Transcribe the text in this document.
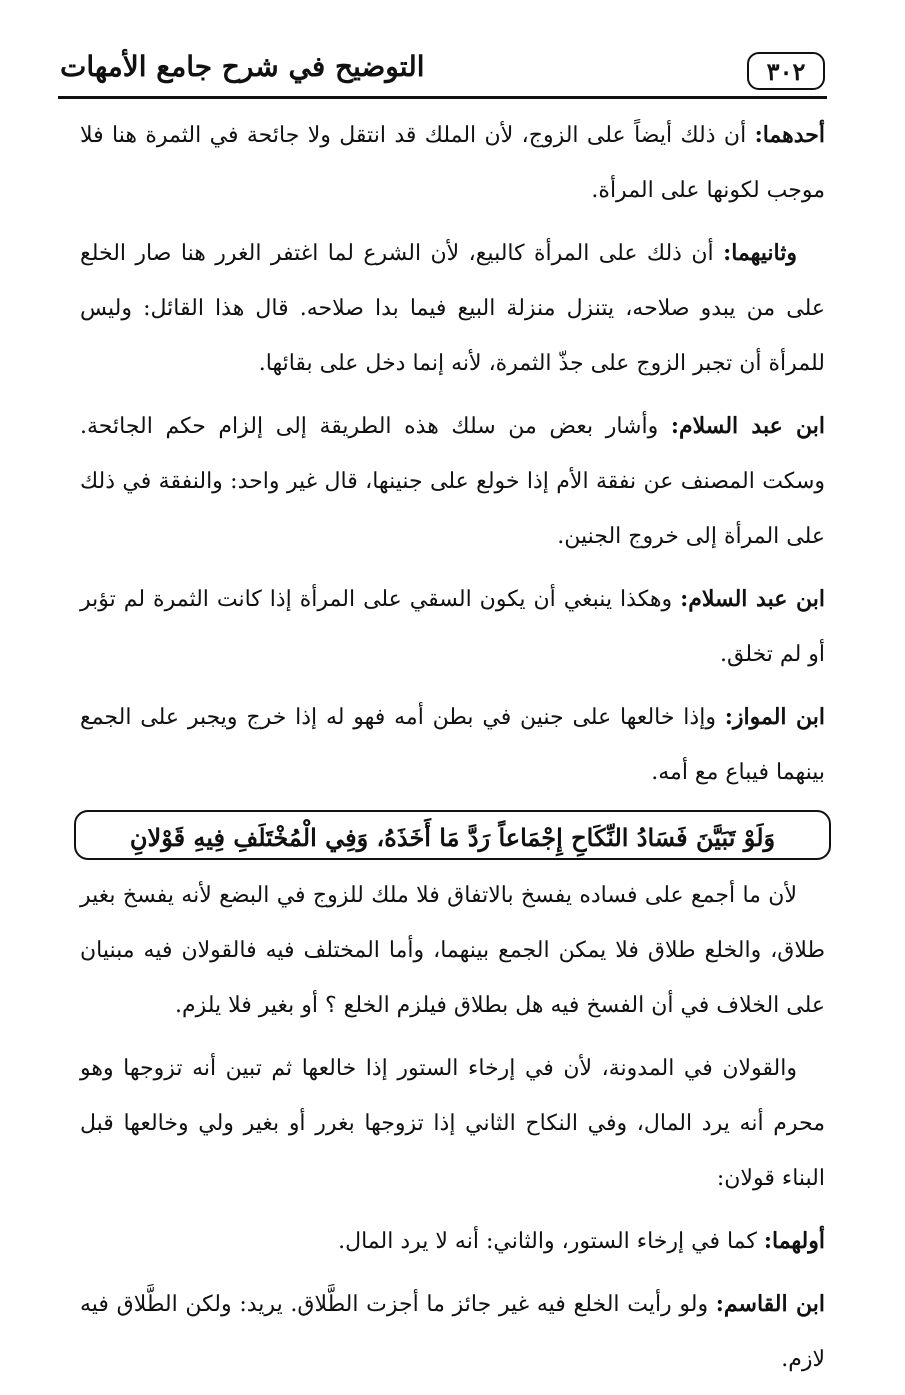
٣٠٢
التوضيح في شرح جامع الأمهات

أحدهما: أن ذلك أيضاً على الزوج، لأن الملك قد انتقل ولا جائحة في الثمرة هنا فلا موجب لكونها على المرأة.

وثانيهما: أن ذلك على المرأة كالبيع، لأن الشرع لما اغتفر الغرر هنا صار الخلع على من يبدو صلاحه، يتنزل منزلة البيع فيما بدا صلاحه. قال هذا القائل: وليس للمرأة أن تجبر الزوج على جذّ الثمرة، لأنه إنما دخل على بقائها.

ابن عبد السلام: وأشار بعض من سلك هذه الطريقة إلى إلزام حكم الجائحة. وسكت المصنف عن نفقة الأم إذا خولع على جنينها، قال غير واحد: والنفقة في ذلك على المرأة إلى خروج الجنين.

ابن عبد السلام: وهكذا ينبغي أن يكون السقي على المرأة إذا كانت الثمرة لم تؤبر أو لم تخلق.

ابن المواز: وإذا خالعها على جنين في بطن أمه فهو له إذا خرج ويجبر على الجمع بينهما فيباع مع أمه.

وَلَوْ تَبَيَّنَ فَسَادُ النِّكَاحِ إِجْمَاعاً رَدَّ مَا أَخَذَهُ، وَفِي الْمُخْتَلَفِ فِيهِ قَوْلانِ

لأن ما أجمع على فساده يفسخ بالاتفاق فلا ملك للزوج في البضع لأنه يفسخ بغير طلاق، والخلع طلاق فلا يمكن الجمع بينهما، وأما المختلف فيه فالقولان فيه مبنيان على الخلاف في أن الفسخ فيه هل بطلاق فيلزم الخلع ؟ أو بغير فلا يلزم.

والقولان في المدونة، لأن في إرخاء الستور إذا خالعها ثم تبين أنه تزوجها وهو محرم أنه يرد المال، وفي النكاح الثاني إذا تزوجها بغرر أو بغير ولي وخالعها قبل البناء قولان:

أولهما: كما في إرخاء الستور، والثاني: أنه لا يرد المال.

ابن القاسم: ولو رأيت الخلع فيه غير جائز ما أجزت الطَّلاق. يريد: ولكن الطَّلاق فيه لازم.
